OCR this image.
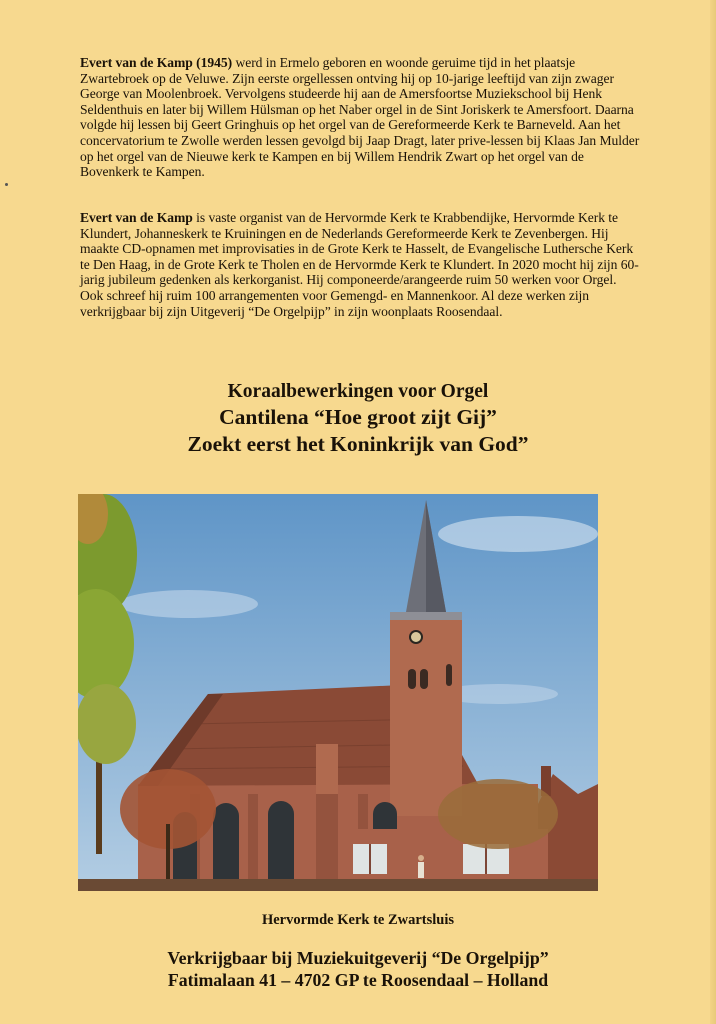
Evert van de Kamp (1945) werd in Ermelo geboren en woonde geruime tijd in het plaatsje Zwartebroek op de Veluwe. Zijn eerste orgellessen ontving hij op 10-jarige leeftijd van zijn zwager George van Moolenbroek. Vervolgens studeerde hij aan de Amersfoortse Muziekschool bij Henk Seldenthuis en later bij Willem Hülsman op het Naber orgel in de Sint Joriskerk te Amersfoort. Daarna volgde hij lessen bij Geert Gringhuis op het orgel van de Gereformeerde Kerk te Barneveld. Aan het concervatorium te Zwolle werden lessen gevolgd bij Jaap Dragt, later prive-lessen bij Klaas Jan Mulder op het orgel van de Nieuwe kerk te Kampen en bij Willem Hendrik Zwart op het orgel van de Bovenkerk te Kampen.

Evert van de Kamp is vaste organist van de Hervormde Kerk te Krabbendijke, Hervormde Kerk te Klundert, Johanneskerk te Kruiningen en de Nederlands Gereformeerde Kerk te Zevenbergen. Hij maakte CD-opnamen met improvisaties in de Grote Kerk te Hasselt, de Evangelische Luthersche Kerk te Den Haag, in de Grote Kerk te Tholen en de Hervormde Kerk te Klundert. In 2020 mocht hij zijn 60-jarig jubileum gedenken als kerkorganist. Hij componeerde/arangeerde ruim 50 werken voor Orgel. Ook schreef hij ruim 100 arrangementen voor Gemengd- en Mannenkoor. Al deze werken zijn verkrijgbaar bij zijn Uitgeverij “De Orgelpijp” in zijn woonplaats Roosendaal.

Koraalbewerkingen voor Orgel
Cantilena “Hoe groot zijt Gij”
Zoekt eerst het Koninkrijk van God”
Hervormde Kerk te Zwartsluis
Verkrijgbaar bij Muziekuitgeverij “De Orgelpijp”
Fatimalaan 41 – 4702 GP te Roosendaal – Holland
